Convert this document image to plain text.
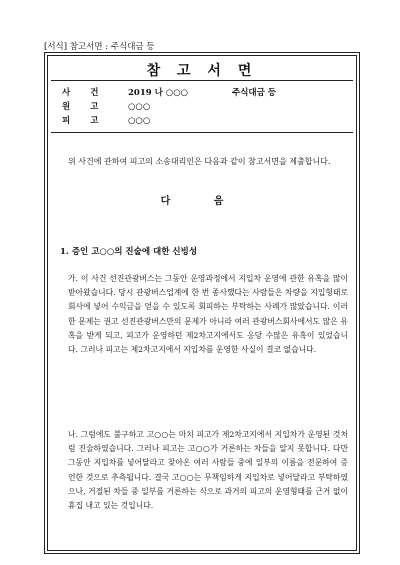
[서식] 참고서면 : 주식대금 등
참 고 서 면
사건 2019 나 ○○○	주식대금 등
원고 ○○○
피고 ○○○
위 사건에 관하여 피고의 소송대리인은 다음과 같이 참고서면을 제출합니다.
다 음
1. 증인 고○○의 진술에 대한 신빙성
가. 이 사건 선진관광버스는 그동안 운영과정에서 지입차 운영에 관한 유혹을 많이 받아왔습니다. 당시 관광버스업계에 한 번 종사했다는 사람들은 차량을 지입형태로 회사에 넣어 수익금을 얻을 수 있도록 회피하는 부탁하는 사례가 많았습니다. 이러한 문제는 권고 선진관광버스만의 문제가 아니라 여러 관광버스회사에서도 많은 유혹을 받게 되고, 피고가 운영하던 제2차고지에서도 응당 수많은 유혹이 있었습니다. 그러나 피고는 제2차고지에서 지입차를 운영한 사실이 결코 없습니다.
나. 그럼에도 불구하고 고○○는 마치 피고가 제2차고지에서 지입차가 운영된 것처럼 진술하였습니다. 그러나 피고는 고○○가 거론하는 차들을 알지 못합니다. 다만 그동안 지입차를 넣어달라고 찾아온 여러 사람들 중에 일부의 이름을 전문하여 증언한 것으로 추측됩니다. 결국 고○○는 무책임하게 지입차로 넣어달라고 부탁하였으나, 거절된 차들 중 일부를 거론하는 식으로 과거의 피고의 운영형태를 근거 없이 휴집 내고 있는 것입니다.
